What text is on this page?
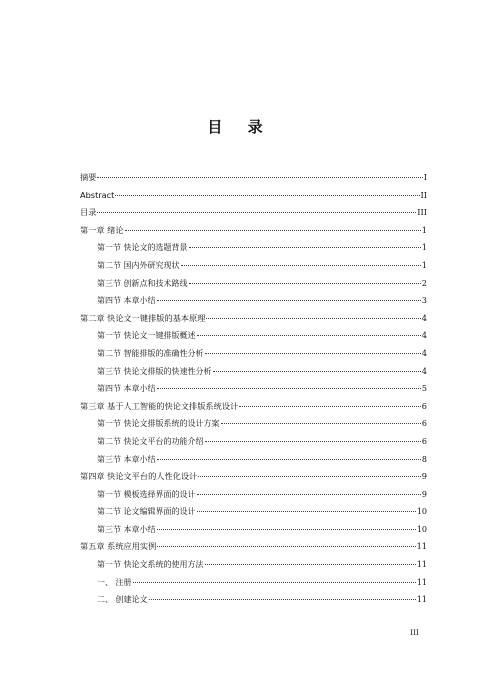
目 录
摘要	I
Abstract	II
目录	III
第一章 绪论	1
第一节 快论文的选题背景	1
第二节 国内外研究现状	1
第三节 创新点和技术路线	2
第四节 本章小结	3
第二章 快论文一键排版的基本原理	4
第一节 快论文一键排版概述	4
第二节 智能排版的准确性分析	4
第三节 快论文排版的快速性分析	4
第四节 本章小结	5
第三章 基于人工智能的快论文排版系统设计	6
第一节 快论文排版系统的设计方案	6
第二节 快论文平台的功能介绍	6
第三节 本章小结	8
第四章 快论文平台的人性化设计	9
第一节 模板选择界面的设计	9
第二节 论文编辑界面的设计	10
第三节 本章小结	10
第五章 系统应用实例	11
第一节 快论文系统的使用方法	11
一、 注册	11
二、 创建论文	11
III
